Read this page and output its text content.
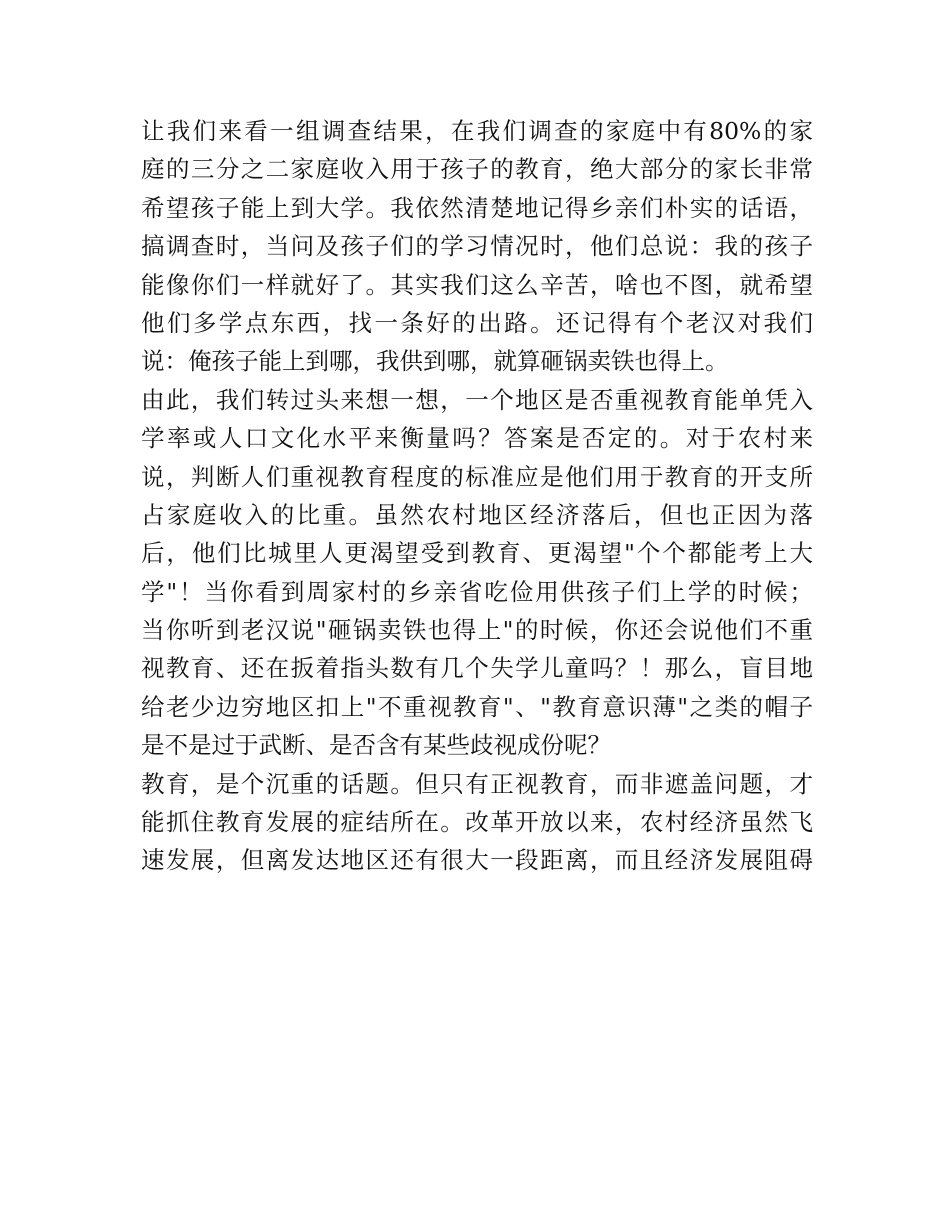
让我们来看一组调查结果，在我们调查的家庭中有80%的家
庭的三分之二家庭收入用于孩子的教育，绝大部分的家长非常
希望孩子能上到大学。我依然清楚地记得乡亲们朴实的话语，
搞调查时，当问及孩子们的学习情况时，他们总说：我的孩子
能像你们一样就好了。其实我们这么辛苦，啥也不图，就希望
他们多学点东西，找一条好的出路。还记得有个老汉对我们
说：俺孩子能上到哪，我供到哪，就算砸锅卖铁也得上。
由此，我们转过头来想一想，一个地区是否重视教育能单凭入
学率或人口文化水平来衡量吗？答案是否定的。对于农村来
说，判断人们重视教育程度的标准应是他们用于教育的开支所
占家庭收入的比重。虽然农村地区经济落后，但也正因为落
后，他们比城里人更渴望受到教育、更渴望"个个都能考上大
学"！当你看到周家村的乡亲省吃俭用供孩子们上学的时候；
当你听到老汉说"砸锅卖铁也得上"的时候，你还会说他们不重
视教育、还在扳着指头数有几个失学儿童吗？！那么，盲目地
给老少边穷地区扣上"不重视教育"、"教育意识薄"之类的帽子
是不是过于武断、是否含有某些歧视成份呢？
教育，是个沉重的话题。但只有正视教育，而非遮盖问题，才
能抓住教育发展的症结所在。改革开放以来，农村经济虽然飞
速发展，但离发达地区还有很大一段距离，而且经济发展阻碍
